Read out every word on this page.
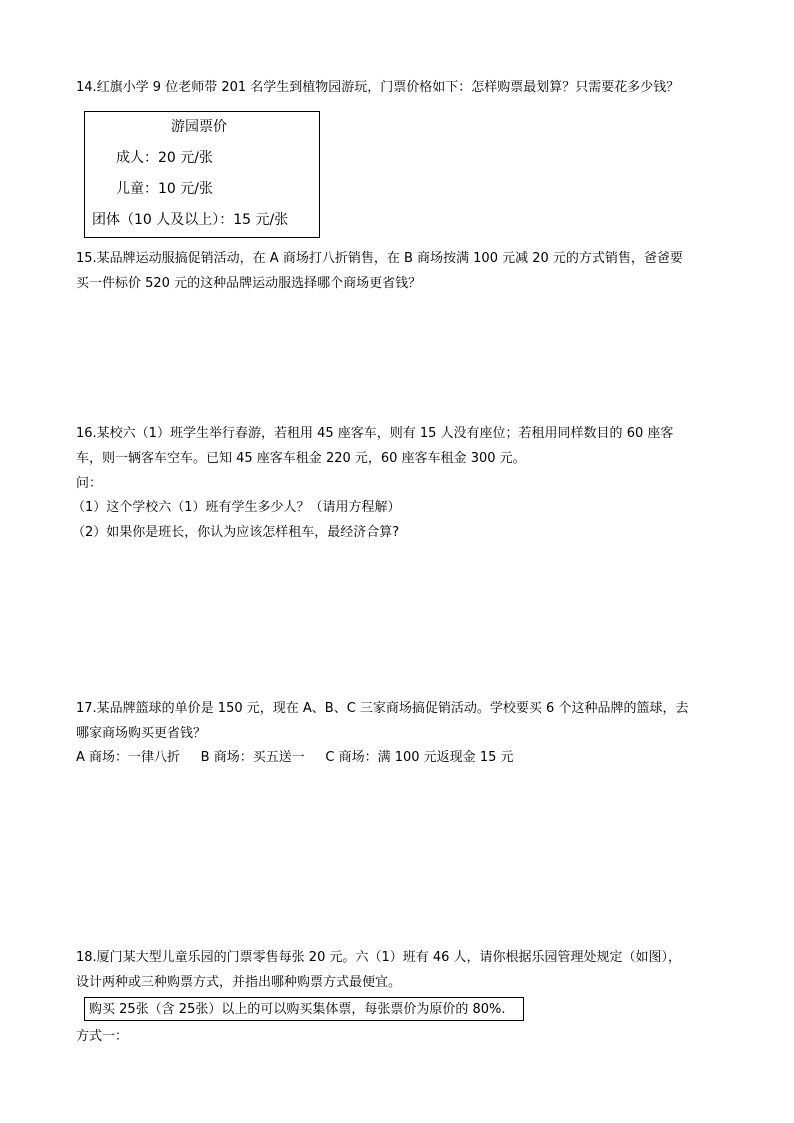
14.红旗小学 9 位老师带 201 名学生到植物园游玩，门票价格如下：怎样购票最划算？只需要花多少钱？
游园票价
成人：20 元/张
儿童：10 元/张
团体（10 人及以上）：15 元/张
15.某品牌运动服搞促销活动，在 A 商场打八折销售，在 B 商场按满 100 元减 20 元的方式销售，爸爸要
买一件标价 520 元的这种品牌运动服选择哪个商场更省钱？
16.某校六（1）班学生举行春游，若租用 45 座客车，则有 15 人没有座位；若租用同样数目的 60 座客
车，则一辆客车空车。已知 45 座客车租金 220 元，60 座客车租金 300 元。
问：
（1）这个学校六（1）班有学生多少人？（请用方程解）
（2）如果你是班长，你认为应该怎样租车，最经济合算?
17.某品牌篮球的单价是 150 元，现在 A、B、C 三家商场搞促销活动。学校要买 6 个这种品牌的篮球，去
哪家商场购买更省钱？
A 商场：一律八折     B 商场：买五送一     C 商场：满 100 元返现金 15 元
18.厦门某大型儿童乐园的门票零售每张 20 元。六（1）班有 46 人，请你根据乐园管理处规定（如图），
设计两种或三种购票方式，并指出哪种购票方式最便宜。
购买 25张（含 25张）以上的可以购买集体票，每张票价为原价的 80%.
方式一：
